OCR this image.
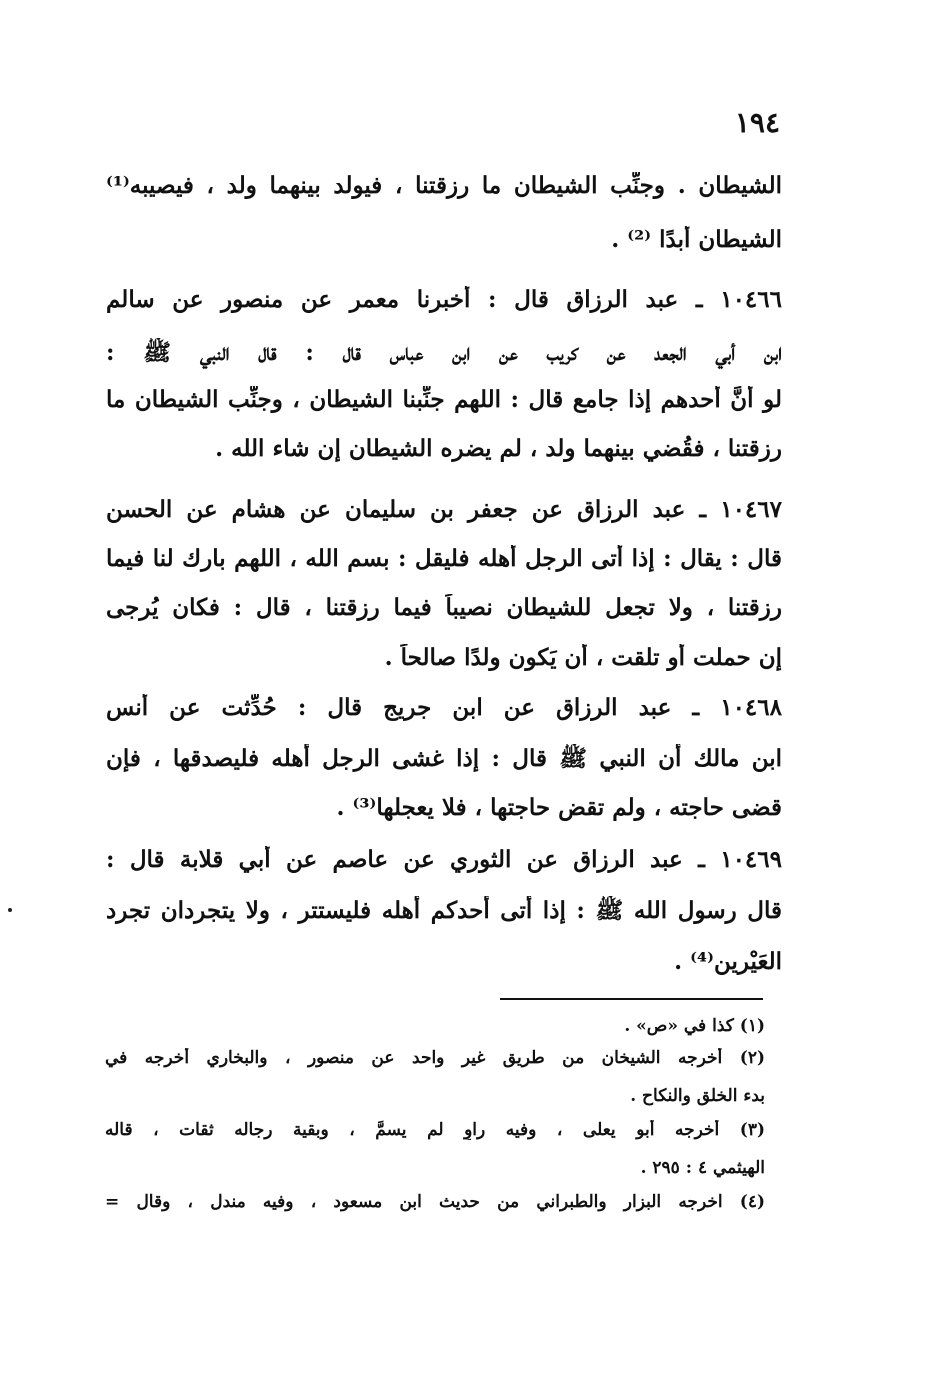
١٩٤
الشيطان . وجنِّب الشيطان ما رزقتنا ، فيولد بينهما ولد ، فيصيبه⁽¹⁾
الشيطان أبدًا ⁽²⁾ .
١٠٤٦٦ ـ عبد الرزاق قال : أخبرنا معمر عن منصور عن سالم
ابن أبي الجعد عن كريب عن ابن عباس قال : قال النبي ﷺ :
لو أنَّ أحدهم إذا جامع قال : اللهم جنِّبنا الشيطان ، وجنِّب الشيطان ما
رزقتنا ، فقُضي بينهما ولد ، لم يضره الشيطان إن شاء الله .
١٠٤٦٧ ـ عبد الرزاق عن جعفر بن سليمان عن هشام عن الحسن
قال : يقال : إذا أتى الرجل أهله فليقل : بسم الله ، اللهم بارك لنا فيما
رزقتنا ، ولا تجعل للشيطان نصيباً فيما رزقتنا ، قال : فكان يُرجى
إن حملت أو تلقت ، أن يَكون ولدًا صالحاً .
١٠٤٦٨ ـ عبد الرزاق عن ابن جريج قال : حُدِّثت عن أنس
ابن مالك أن النبي ﷺ قال : إذا غشى الرجل أهله فليصدقها ، فإن
قضى حاجته ، ولم تقض حاجتها ، فلا يعجلها⁽³⁾ .
١٠٤٦٩ ـ عبد الرزاق عن الثوري عن عاصم عن أبي قلابة قال :
قال رسول الله ﷺ : إذا أتى أحدكم أهله فليستتر ، ولا يتجردان تجرد
العَيْرين⁽⁴⁾ .
(١) كذا في «ص» .
(٢) أخرجه الشيخان من طريق غير واحد عن منصور ، والبخاري أخرجه في
بدء الخلق والنكاح .
(٣) أخرجه أبو يعلى ، وفيه راوٍ لم يسمَّ ، وبقية رجاله ثقات ، قاله
الهيثمي ٤ : ٢٩٥ .
(٤) اخرجه البزار والطبراني من حديث ابن مسعود ، وفيه مندل ، وقال =
